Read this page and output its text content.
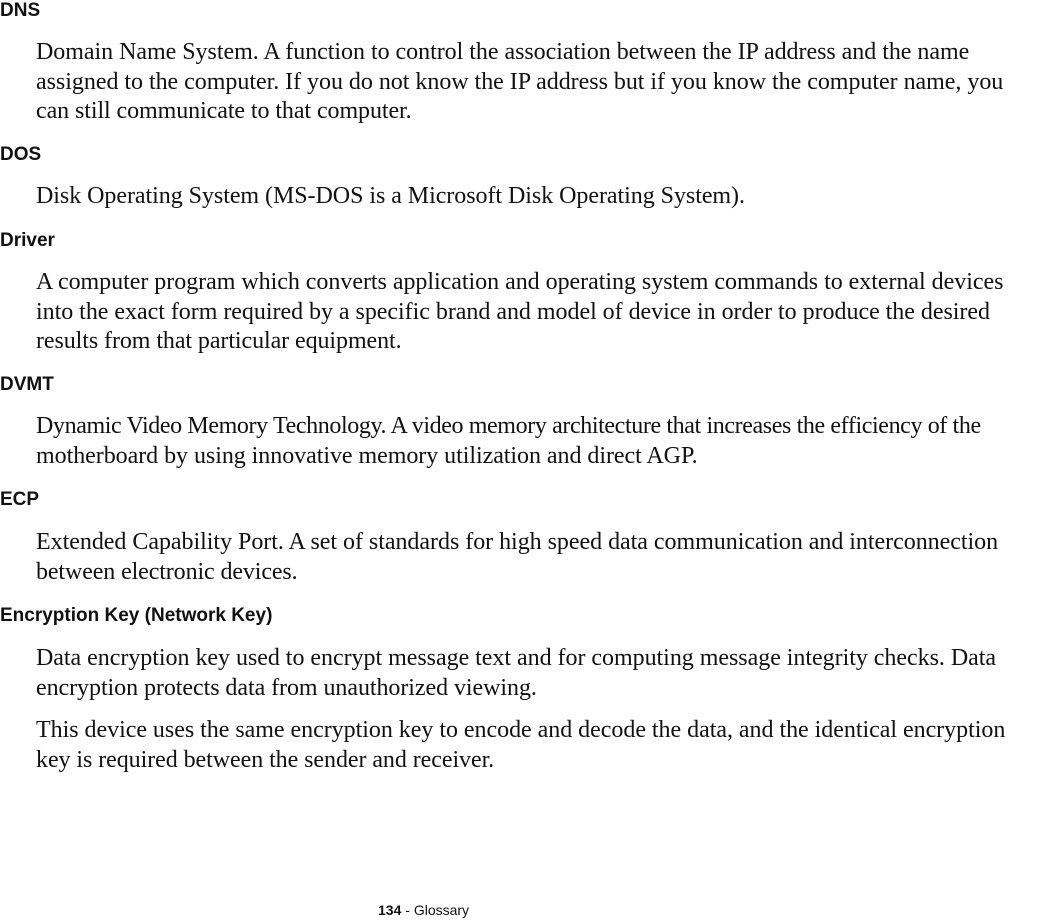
DNS
Domain Name System. A function to control the association between the IP address and the name
assigned to the computer. If you do not know the IP address but if you know the computer name, you
can still communicate to that computer.
DOS
Disk Operating System (MS-DOS is a Microsoft Disk Operating System).
Driver
A computer program which converts application and operating system commands to external devices
into the exact form required by a specific brand and model of device in order to produce the desired
results from that particular equipment.
DVMT
Dynamic Video Memory Technology. A video memory architecture that increases the efficiency of the
motherboard by using innovative memory utilization and direct AGP.
ECP
Extended Capability Port. A set of standards for high speed data communication and interconnection
between electronic devices.
Encryption Key (Network Key)
Data encryption key used to encrypt message text and for computing message integrity checks. Data
encryption protects data from unauthorized viewing.
This device uses the same encryption key to encode and decode the data, and the identical encryption
key is required between the sender and receiver.
134 - Glossary
